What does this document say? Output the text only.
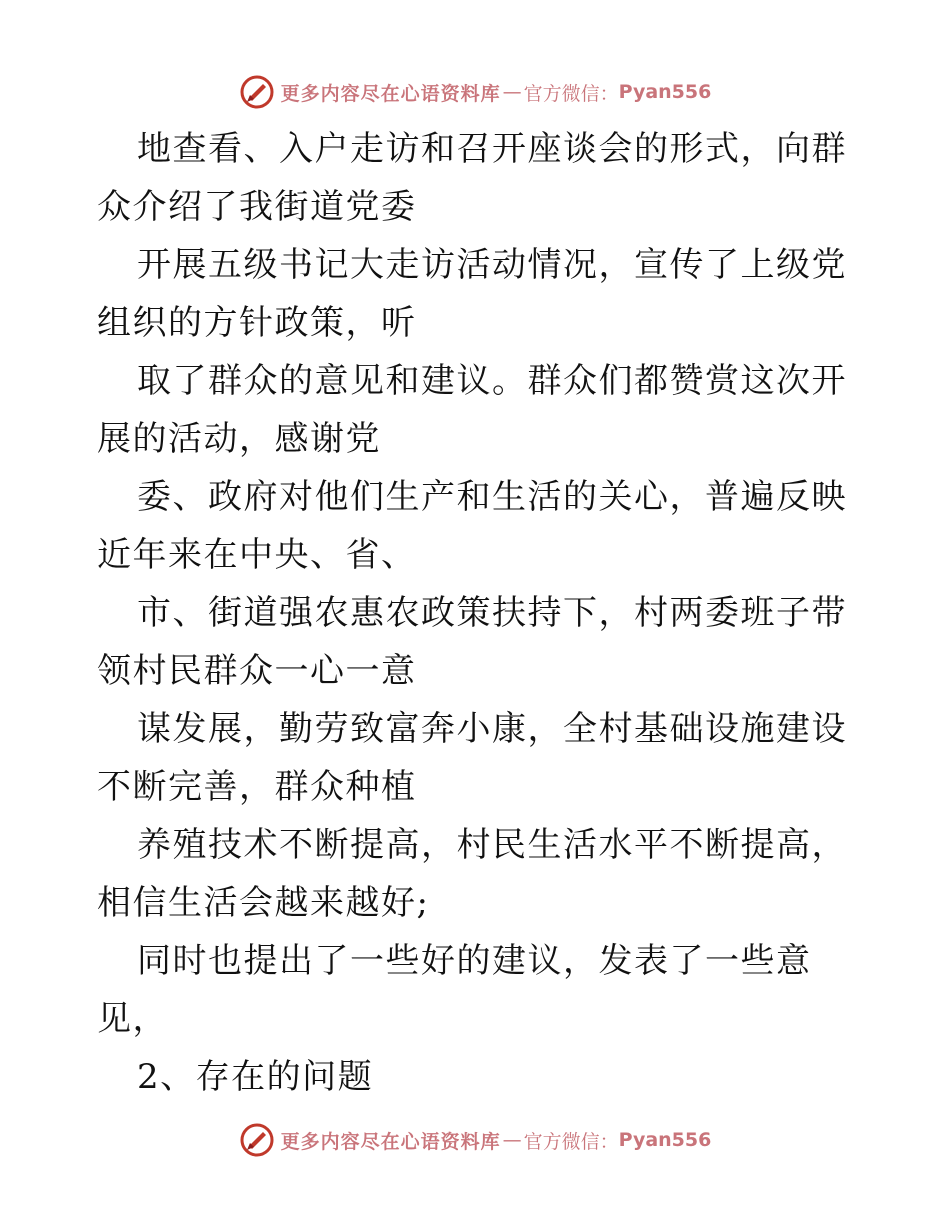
更多内容尽在心语资料库 — 官方微信： Pyan556

地查看、入户走访和召开座谈会的形式，向群众介绍了我街道党委

开展五级书记大走访活动情况，宣传了上级党组织的方针政策，听

取了群众的意见和建议。群众们都赞赏这次开展的活动，感谢党

委、政府对他们生产和生活的关心，普遍反映近年来在中央、省、

市、街道强农惠农政策扶持下，村两委班子带领村民群众一心一意

谋发展，勤劳致富奔小康，全村基础设施建设不断完善，群众种植

养殖技术不断提高，村民生活水平不断提高，相信生活会越来越好;

同时也提出了一些好的建议，发表了一些意见，

2、存在的问题

更多内容尽在心语资料库 — 官方微信： Pyan556
